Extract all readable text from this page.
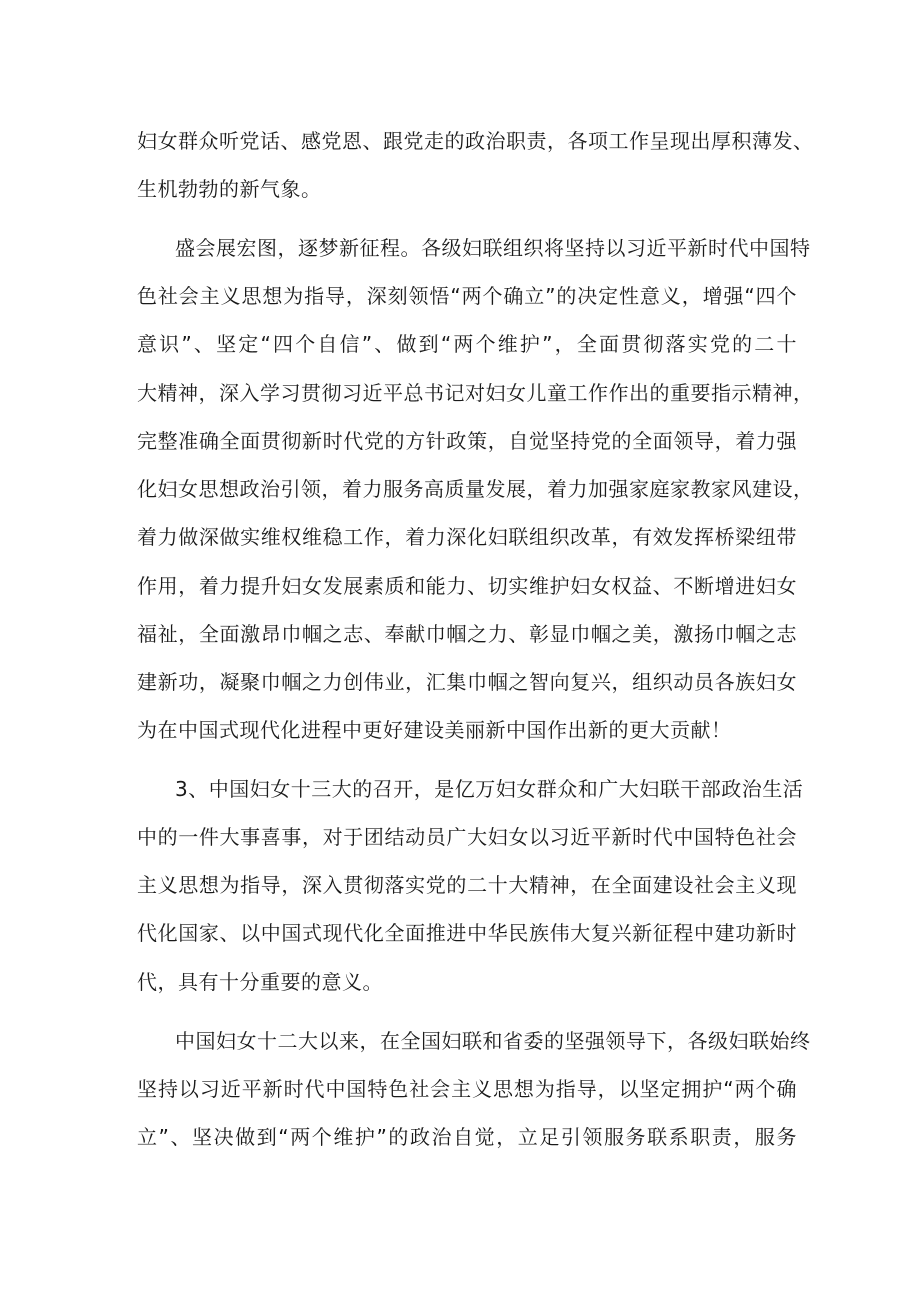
妇女群众听党话、感党恩、跟党走的政治职责，各项工作呈现出厚积薄发、
生机勃勃的新气象。
盛会展宏图，逐梦新征程。各级妇联组织将坚持以习近平新时代中国特
色社会主义思想为指导，深刻领悟“两个确立”的决定性意义，增强“四个
意识”、坚定“四个自信”、做到“两个维护”，全面贯彻落实党的二十
大精神，深入学习贯彻习近平总书记对妇女儿童工作作出的重要指示精神，
完整准确全面贯彻新时代党的方针政策，自觉坚持党的全面领导，着力强
化妇女思想政治引领，着力服务高质量发展，着力加强家庭家教家风建设，
着力做深做实维权维稳工作，着力深化妇联组织改革，有效发挥桥梁纽带
作用，着力提升妇女发展素质和能力、切实维护妇女权益、不断增进妇女
福祉，全面激昂巾帼之志、奉献巾帼之力、彰显巾帼之美，激扬巾帼之志
建新功，凝聚巾帼之力创伟业，汇集巾帼之智向复兴，组织动员各族妇女
为在中国式现代化进程中更好建设美丽新中国作出新的更大贡献！
3、中国妇女十三大的召开，是亿万妇女群众和广大妇联干部政治生活
中的一件大事喜事，对于团结动员广大妇女以习近平新时代中国特色社会
主义思想为指导，深入贯彻落实党的二十大精神，在全面建设社会主义现
代化国家、以中国式现代化全面推进中华民族伟大复兴新征程中建功新时
代，具有十分重要的意义。
中国妇女十二大以来，在全国妇联和省委的坚强领导下，各级妇联始终
坚持以习近平新时代中国特色社会主义思想为指导，以坚定拥护“两个确
立”、坚决做到“两个维护”的政治自觉，立足引领服务联系职责，服务
